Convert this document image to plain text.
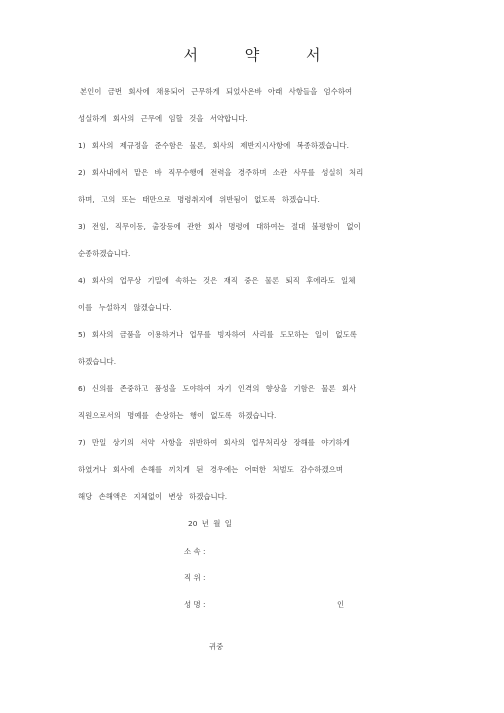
서 약 서
본인이 금번 회사에 채용되어 근무하게 되었사온바 아래 사항들을 엄수하여
성실하게 회사의 근무에 임할 것을 서약합니다.
1) 회사의 제규정을 준수함은 물론, 회사의 제반지시사항에 복종하겠습니다.
2) 회사내에서 맡은 바 직무수행에 전력을 경주하며 소관 사무를 성실히 처리
하며, 고의 또는 태만으로 명령취지에 위반됨이 없도록 하겠습니다.
3) 전임, 직무이동, 출장등에 관한 회사 명령에 대하여는 절대 불평함이 없이
순종하겠습니다.
4) 회사의 업무상 기밀에 속하는 것은 재직 중은 물론 퇴직 후에라도 일체
이를 누설하지 않겠습니다.
5) 회사의 금품을 이용하거나 업무를 빙자하여 사리를 도모하는 일이 없도록
하겠습니다.
6) 신의를 존중하고 품성을 도야하여 자기 인격의 향상을 기함은 물론 회사
직원으로서의 명예를 손상하는 행이 없도록 하겠습니다.
7) 만일 상기의 서약 사항을 위반하여 회사의 업무처리상 장해를 야기하게
하였거나 회사에 손해를 끼치게 된 경우에는 어떠한 처벌도 감수하겠으며
해당 손해액은 지체없이 변상 하겠습니다.
20 년 월 일
소 속 :
직 위 :
성 명 :	인
귀중
